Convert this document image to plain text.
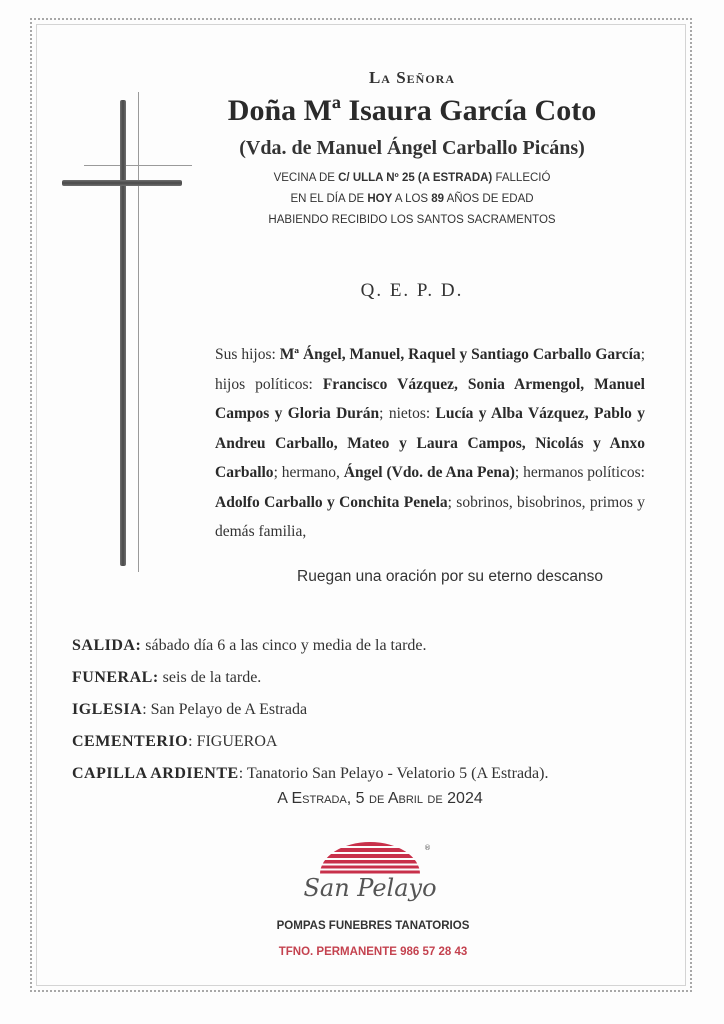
La Señora
Doña Mª Isaura García Coto
(Vda. de Manuel Ángel Carballo Picáns)
VECINA DE C/ ULLA Nº 25 (A ESTRADA) FALLECIÓ
EN EL DÍA DE HOY A LOS 89 AÑOS DE EDAD
HABIENDO RECIBIDO LOS SANTOS SACRAMENTOS
Q. E. P. D.
Sus hijos: Mª Ángel, Manuel, Raquel y Santiago Carballo García; hijos políticos: Francisco Vázquez, Sonia Armengol, Manuel Campos y Gloria Durán; nietos: Lucía y Alba Vázquez, Pablo y Andreu Carballo, Mateo y Laura Campos, Nicolás y Anxo Carballo; hermano, Ángel (Vdo. de Ana Pena); hermanos políticos: Adolfo Carballo y Conchita Penela; sobrinos, bisobrinos, primos y demás familia,
Ruegan una oración por su eterno descanso
SALIDA: sábado día 6 a las cinco y media de la tarde.
FUNERAL: seis de la tarde.
IGLESIA: San Pelayo de A Estrada
CEMENTERIO: FIGUEROA
CAPILLA ARDIENTE: Tanatorio San Pelayo - Velatorio 5 (A Estrada).
A Estrada, 5 de Abril de 2024
®
San Pelayo
POMPAS FUNEBRES TANATORIOS
TFNO. PERMANENTE 986 57 28 43
